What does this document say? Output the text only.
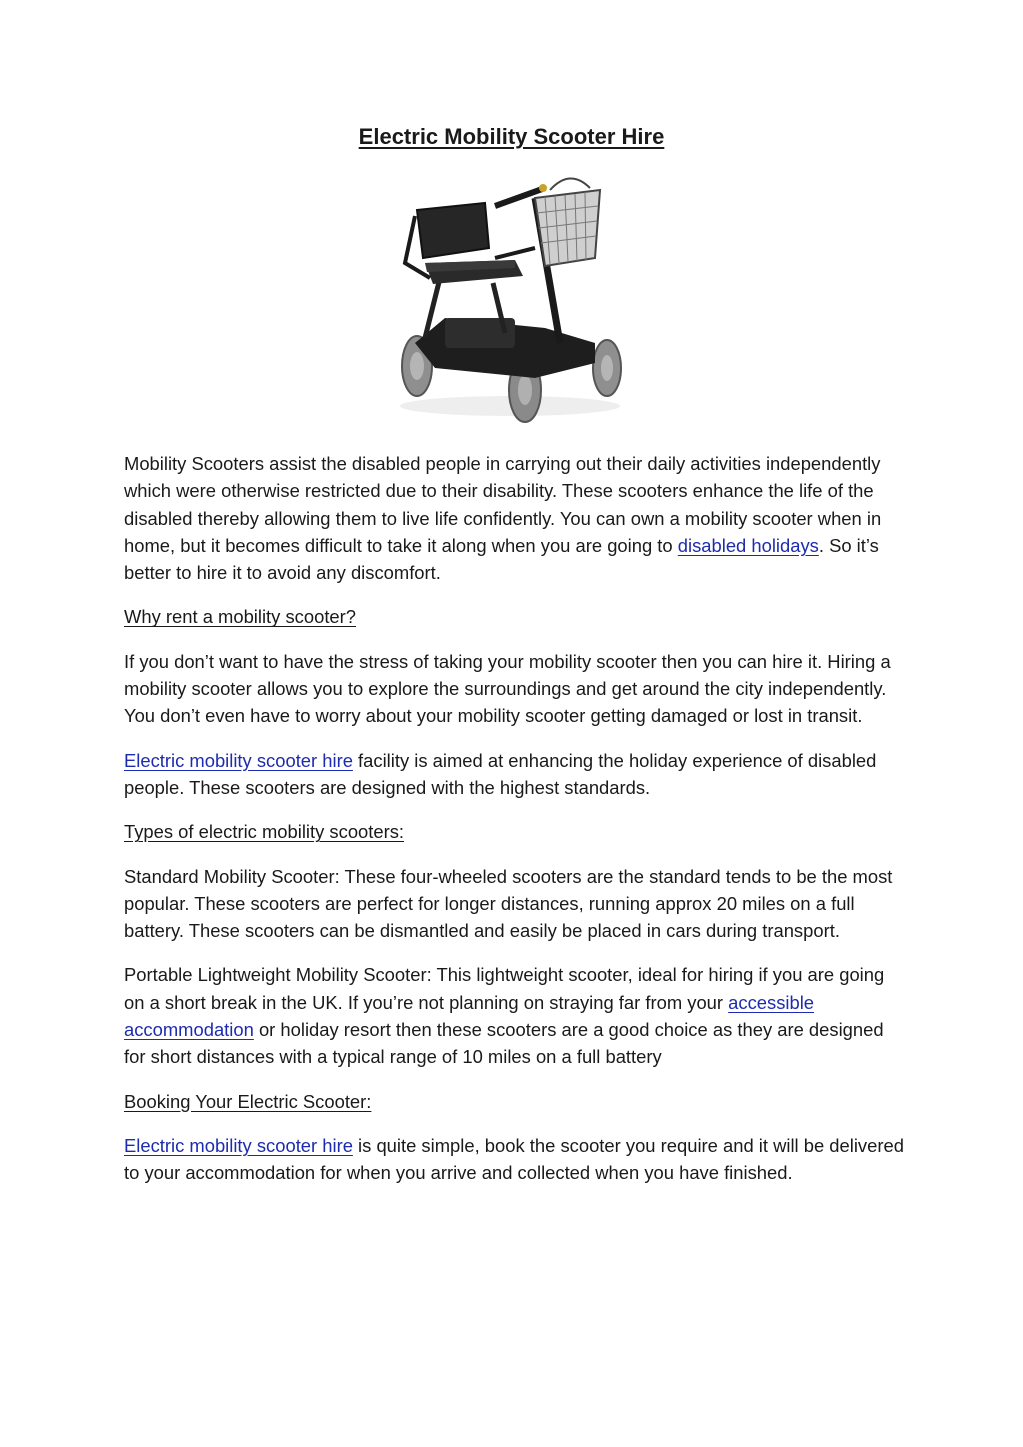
Electric Mobility Scooter Hire

Mobility Scooters assist the disabled people in carrying out their daily activities independently which were otherwise restricted due to their disability. These scooters enhance the life of the disabled thereby allowing them to live life confidently. You can own a mobility scooter when in home, but it becomes difficult to take it along when you are going to disabled holidays. So it’s better to hire it to avoid any discomfort.

Why rent a mobility scooter?

If you don’t want to have the stress of taking your mobility scooter then you can hire it. Hiring a mobility scooter allows you to explore the surroundings and get around the city independently. You don’t even have to worry about your mobility scooter getting damaged or lost in transit.

Electric mobility scooter hire facility is aimed at enhancing the holiday experience of disabled people. These scooters are designed with the highest standards.

Types of electric mobility scooters:

Standard Mobility Scooter: These four-wheeled scooters are the standard tends to be the most popular. These scooters are perfect for longer distances, running approx 20 miles on a full battery. These scooters can be dismantled and easily be placed in cars during transport.

Portable Lightweight Mobility Scooter: This lightweight scooter, ideal for hiring if you are going on a short break in the UK. If you’re not planning on straying far from your accessible accommodation or holiday resort then these scooters are a good choice as they are designed for short distances with a typical range of 10 miles on a full battery

Booking Your Electric Scooter:

Electric mobility scooter hire is quite simple, book the scooter you require and it will be delivered to your accommodation for when you arrive and collected when you have finished.
